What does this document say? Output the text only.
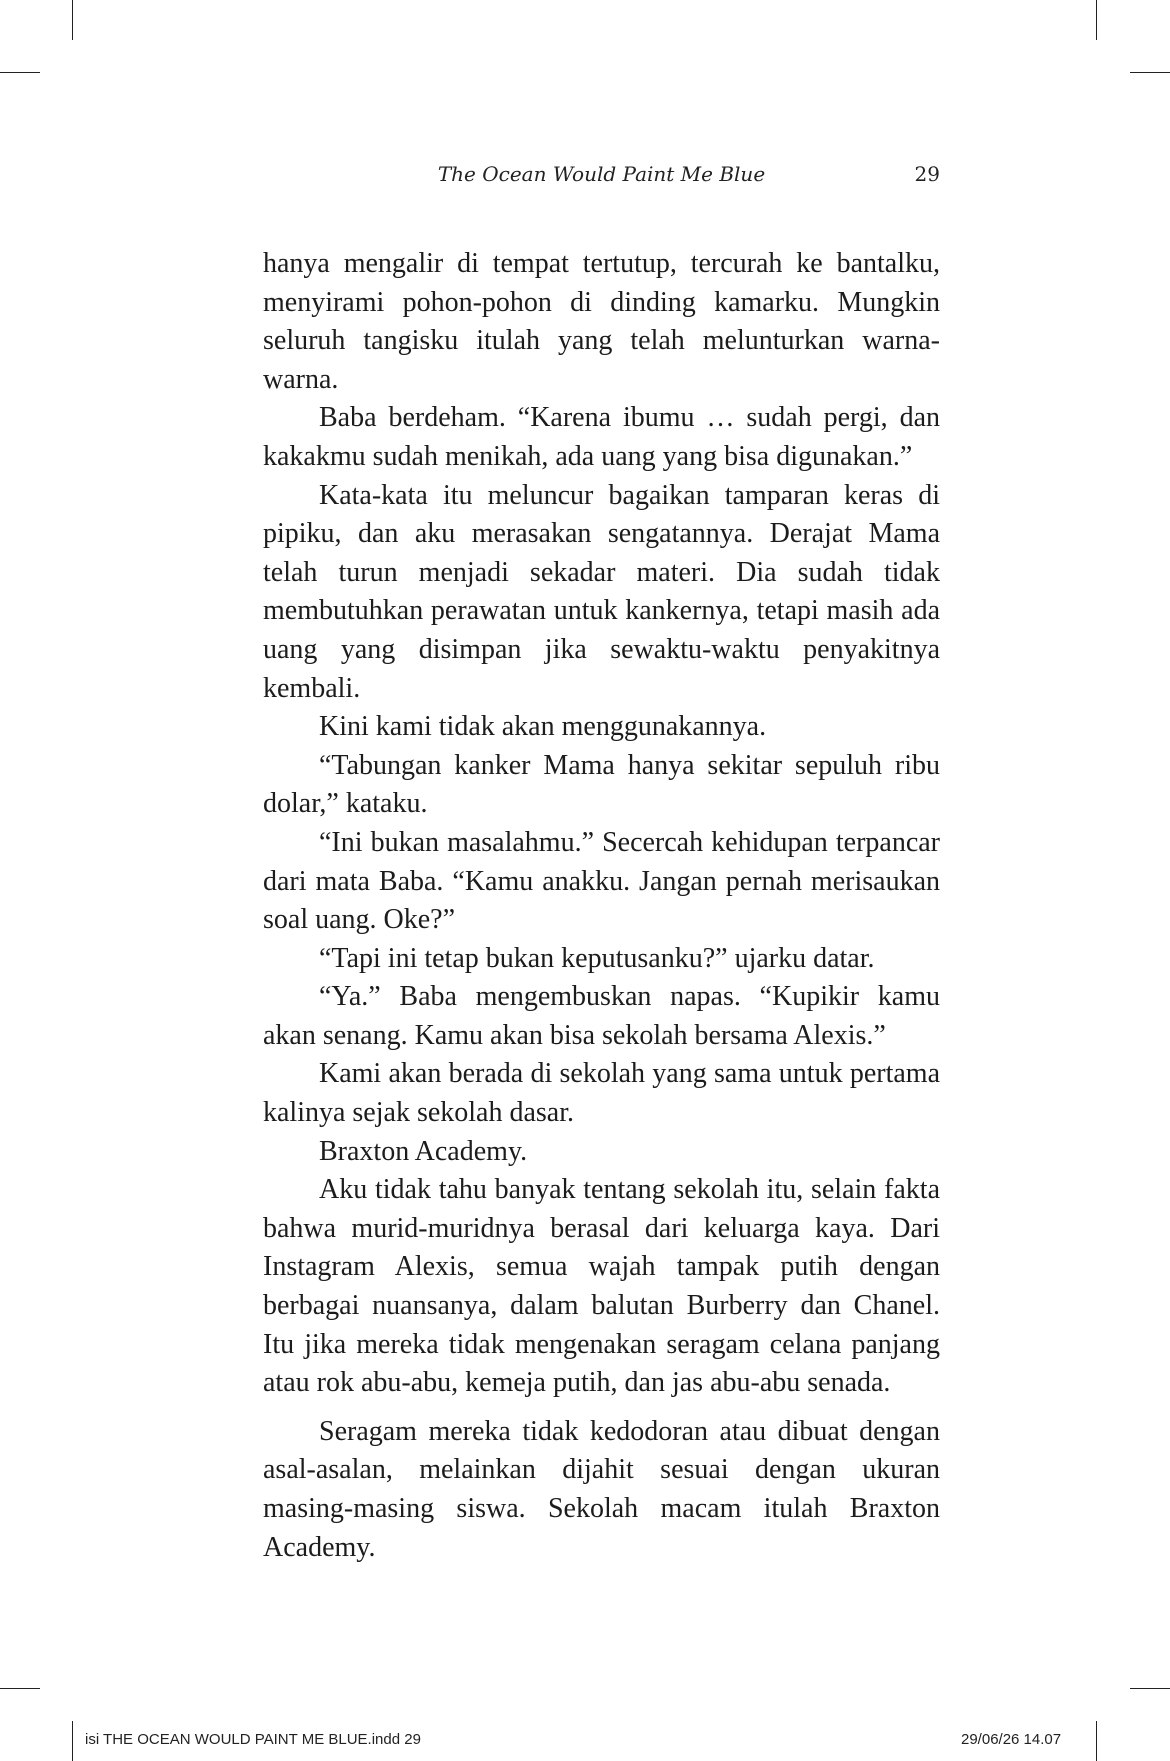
The Ocean Would Paint Me Blue	29

hanya mengalir di tempat tertutup, tercurah ke bantalku, menyirami pohon-pohon di dinding kamarku. Mungkin seluruh tangisku itulah yang telah melunturkan warna-warna.

Baba berdeham. “Karena ibumu … sudah pergi, dan kakakmu sudah menikah, ada uang yang bisa digunakan.”

Kata-kata itu meluncur bagaikan tamparan keras di pipiku, dan aku merasakan sengatannya. Derajat Mama telah turun menjadi sekadar materi. Dia sudah tidak membutuhkan perawatan untuk kankernya, tetapi masih ada uang yang disimpan jika sewaktu-waktu penyakitnya kembali.

Kini kami tidak akan menggunakannya.

“Tabungan kanker Mama hanya sekitar sepuluh ribu dolar,” kataku.

“Ini bukan masalahmu.” Secercah kehidupan terpancar dari mata Baba. “Kamu anakku. Jangan pernah merisaukan soal uang. Oke?”

“Tapi ini tetap bukan keputusanku?” ujarku datar.

“Ya.” Baba mengembuskan napas. “Kupikir kamu akan senang. Kamu akan bisa sekolah bersama Alexis.”

Kami akan berada di sekolah yang sama untuk pertama kalinya sejak sekolah dasar.

Braxton Academy.

Aku tidak tahu banyak tentang sekolah itu, selain fakta bahwa murid-muridnya berasal dari keluarga kaya. Dari Instagram Alexis, semua wajah tampak putih dengan berbagai nuansanya, dalam balutan Burberry dan Chanel. Itu jika mereka tidak mengenakan seragam celana panjang atau rok abu-abu, kemeja putih, dan jas abu-abu senada.

Seragam mereka tidak kedodoran atau dibuat dengan asal-asalan, melainkan dijahit sesuai dengan ukuran masing-masing siswa. Sekolah macam itulah Braxton Academy.

isi THE OCEAN WOULD PAINT ME BLUE.indd 29	29/06/26 14.07
